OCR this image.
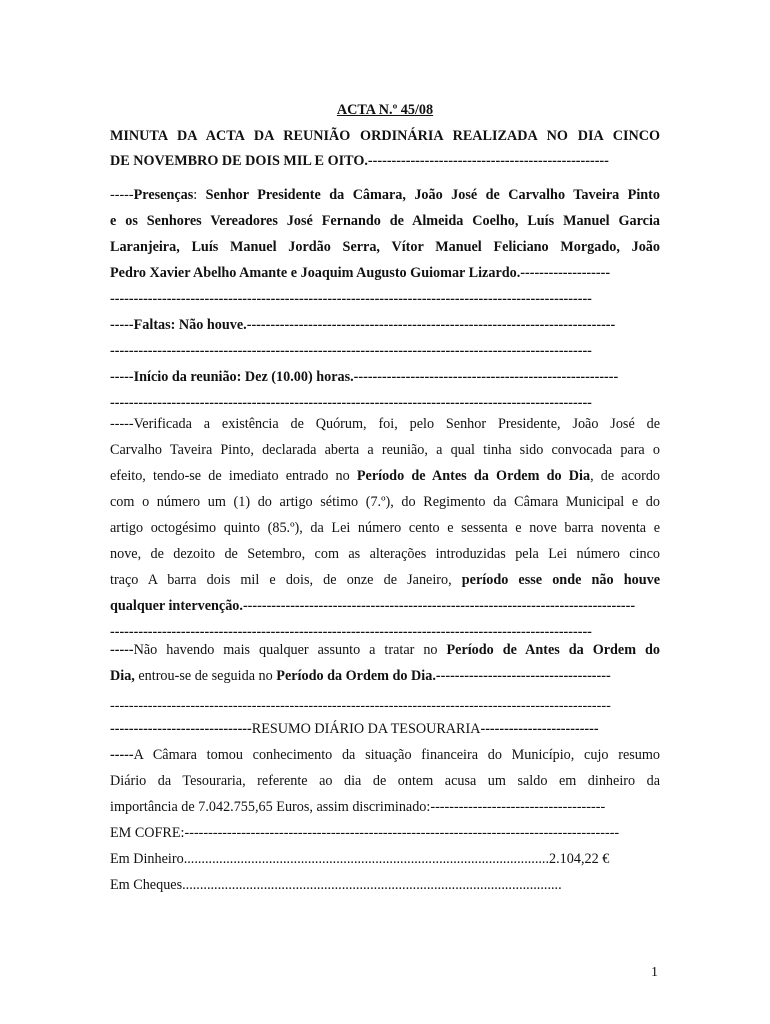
ACTA N.º 45/08
MINUTA DA ACTA DA REUNIÃO ORDINÁRIA REALIZADA NO DIA CINCO
DE NOVEMBRO DE DOIS MIL E OITO.---------------------------------------------------
-----Presenças: Senhor Presidente da Câmara, João José de Carvalho Taveira Pinto
e os Senhores Vereadores José Fernando de Almeida Coelho, Luís Manuel Garcia
Laranjeira, Luís Manuel Jordão Serra, Vítor Manuel Feliciano Morgado, João
Pedro Xavier Abelho Amante e Joaquim Augusto Guiomar Lizardo.-------------------
------------------------------------------------------------------------------------------------------
-----Faltas: Não houve.------------------------------------------------------------------------------
------------------------------------------------------------------------------------------------------
-----Início da reunião: Dez (10.00) horas.--------------------------------------------------------
------------------------------------------------------------------------------------------------------
-----Verificada a existência de Quórum, foi, pelo Senhor Presidente, João José de
Carvalho Taveira Pinto, declarada aberta a reunião, a qual tinha sido convocada para o
efeito, tendo-se de imediato entrado no Período de Antes da Ordem do Dia, de acordo
com o número um (1) do artigo sétimo (7.º), do Regimento da Câmara Municipal e do
artigo octogésimo quinto (85.º), da Lei número cento e sessenta e nove barra noventa e
nove, de dezoito de Setembro, com as alterações introduzidas pela Lei número cinco
traço A barra dois mil e dois, de onze de Janeiro, período esse onde não houve
qualquer intervenção.-----------------------------------------------------------------------------------
------------------------------------------------------------------------------------------------------
-----Não havendo mais qualquer assunto a tratar no Período de Antes da Ordem do
Dia, entrou-se de seguida no Período da Ordem do Dia.-------------------------------------
----------------------------------------------------------------------------------------------------------
------------------------------RESUMO DIÁRIO DA TESOURARIA-------------------------
-----A Câmara tomou conhecimento da situação financeira do Município, cujo resumo
Diário da Tesouraria, referente ao dia de ontem acusa um saldo em dinheiro da
importância de 7.042.755,65 Euros, assim discriminado:-------------------------------------
EM COFRE:--------------------------------------------------------------------------------------------
Em Dinheiro.......................................................................................................2.104,22 €
Em Cheques...........................................................................................................
1
